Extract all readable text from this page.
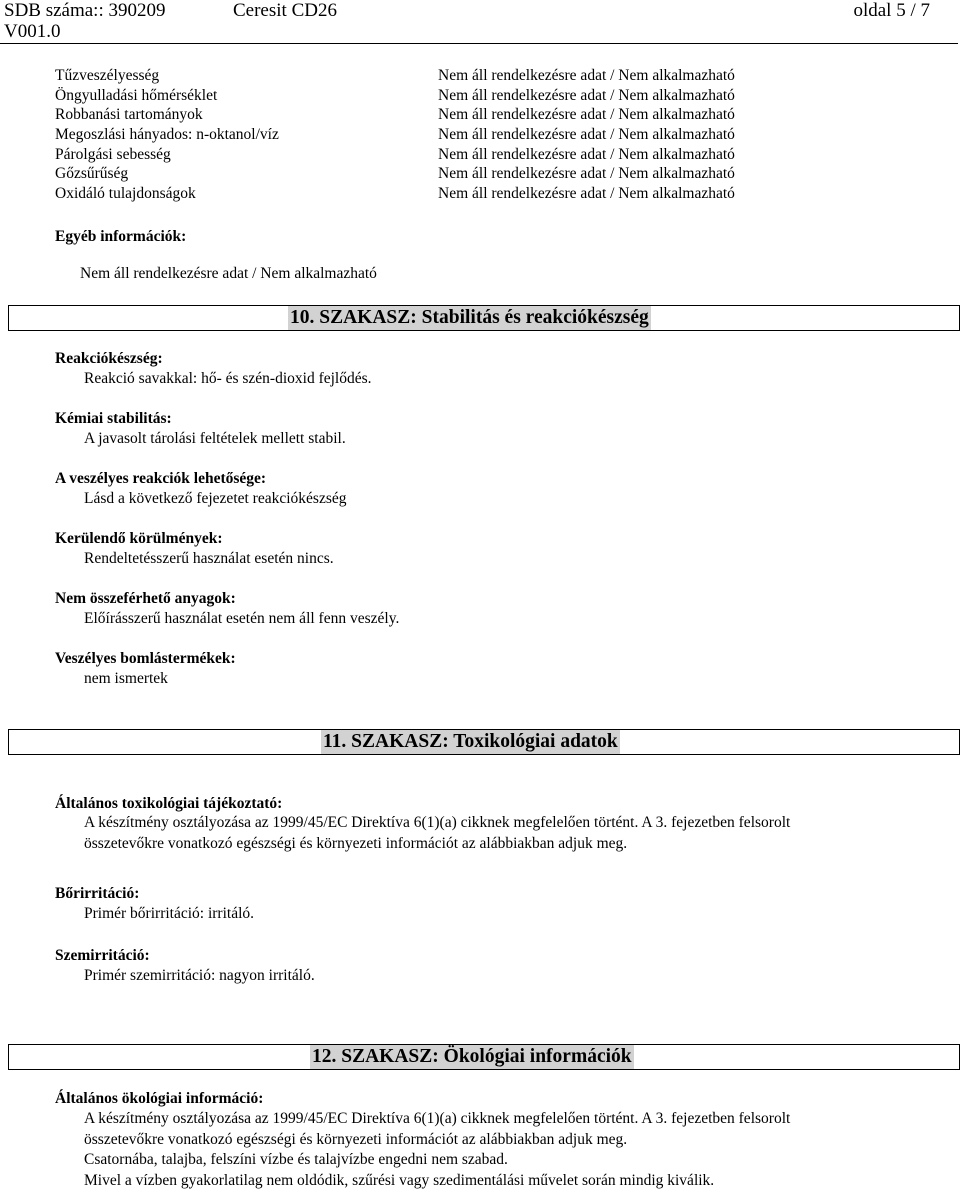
SDB száma:: 390209	Ceresit CD26	oldal 5 / 7
V001.0
Tűzveszélyesség	Nem áll rendelkezésre adat / Nem alkalmazható
Öngyulladási hőmérséklet	Nem áll rendelkezésre adat / Nem alkalmazható
Robbanási tartományok	Nem áll rendelkezésre adat / Nem alkalmazható
Megoszlási hányados: n-oktanol/víz	Nem áll rendelkezésre adat / Nem alkalmazható
Párolgási sebesség	Nem áll rendelkezésre adat / Nem alkalmazható
Gőzsűrűség	Nem áll rendelkezésre adat / Nem alkalmazható
Oxidáló tulajdonságok	Nem áll rendelkezésre adat / Nem alkalmazható
Egyéb információk:
Nem áll rendelkezésre adat / Nem alkalmazható
10. SZAKASZ: Stabilitás és reakciókészség
Reakciókészség:
Reakció savakkal: hő- és szén-dioxid fejlődés.
Kémiai stabilitás:
A javasolt tárolási feltételek mellett stabil.
A veszélyes reakciók lehetősége:
Lásd a következő fejezetet reakciókészség
Kerülendő körülmények:
Rendeltetésszerű használat esetén nincs.
Nem összeférhető anyagok:
Előírásszerű használat esetén nem áll fenn veszély.
Veszélyes bomlástermékek:
nem ismertek
11. SZAKASZ: Toxikológiai adatok
Általános toxikológiai tájékoztató:
A készítmény osztályozása az 1999/45/EC Direktíva 6(1)(a) cikknek megfelelően történt. A 3. fejezetben felsorolt
összetevőkre vonatkozó egészségi és környezeti információt az alábbiakban adjuk meg.
Bőrirritáció:
Primér bőrirritáció: irritáló.
Szemirritáció:
Primér szemirritáció: nagyon irritáló.
12. SZAKASZ: Ökológiai információk
Általános ökológiai információ:
A készítmény osztályozása az 1999/45/EC Direktíva 6(1)(a) cikknek megfelelően történt. A 3. fejezetben felsorolt
összetevőkre vonatkozó egészségi és környezeti információt az alábbiakban adjuk meg.
Csatornába, talajba, felszíni vízbe és talajvízbe engedni nem szabad.
Mivel a vízben gyakorlatilag nem oldódik, szűrési vagy szedimentálási művelet során mindig kiválik.
